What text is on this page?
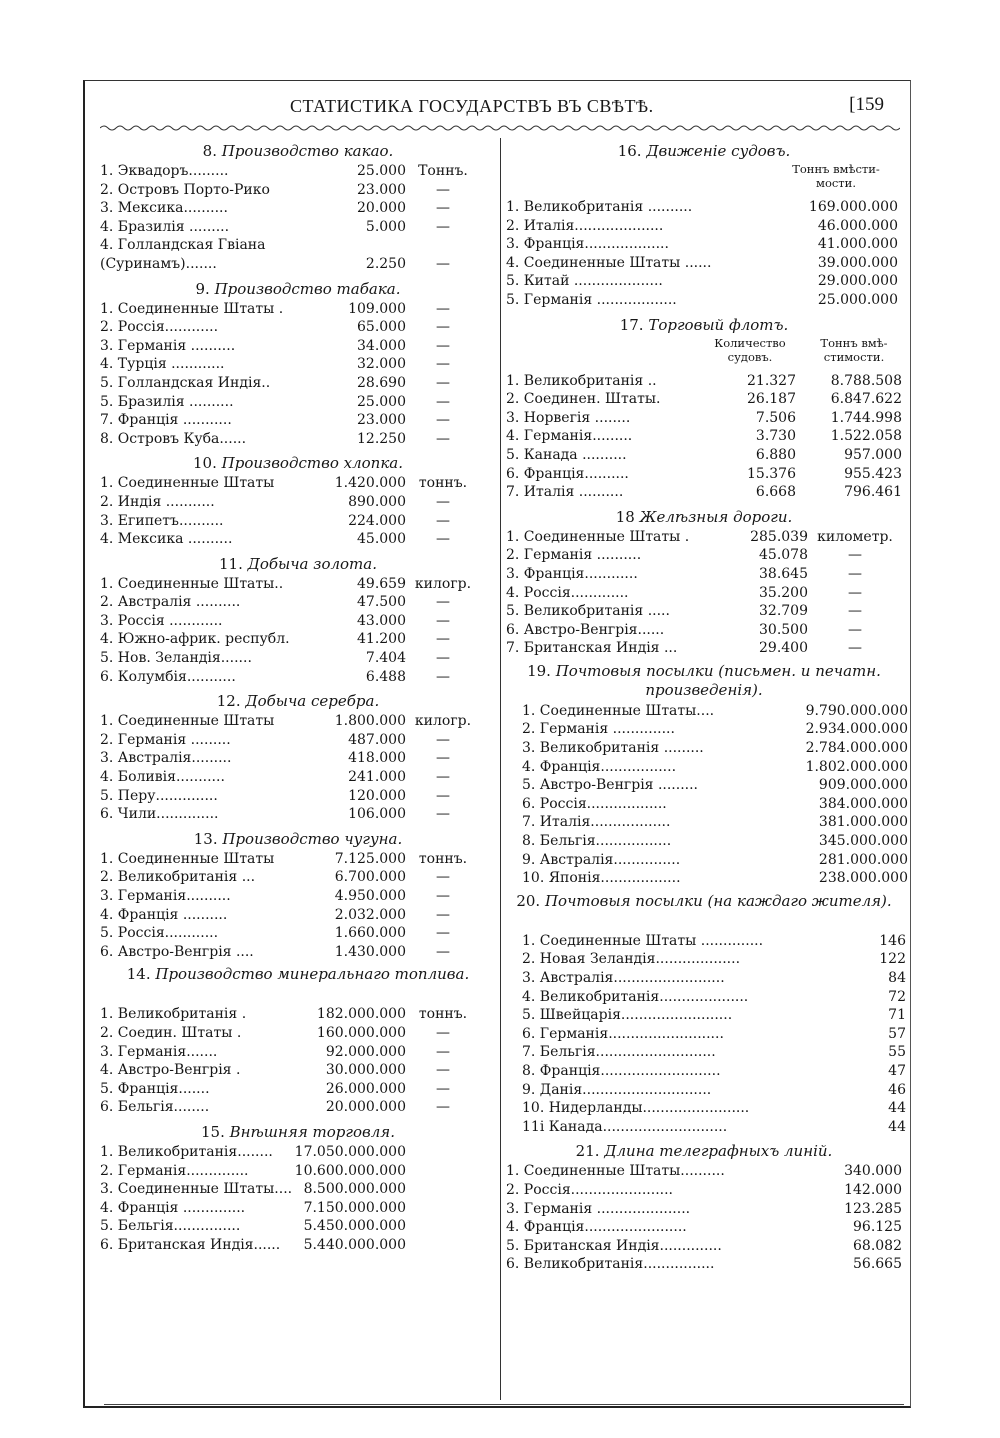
СТАТИСТИКА ГОСУДАРСТВЪ ВЪ СВѢТѢ.	[159
8. Производство какао.
1. Эквадоръ.........	25.000 Тоннъ.
2. Островъ Порто-Рико	23.000	—
3. Мексика..........	20.000	—
4. Бразилія .........	5.000	—
4. Голландская Гвіана
(Суринамъ).......	2.250	—
9. Производство табака.
1. Соединенные Штаты .	109.000	—
2. Россія............	65.000	—
3. Германія ..........	34.000	—
4. Турція ............	32.000	—
5. Голландская Индія..	28.690	—
5. Бразилія ..........	25.000	—
7. Франція ...........	23.000	—
8. Островъ Куба......	12.250	—
10. Производство хлопка.
1. Соединенные Штаты	1.420.000 тоннъ.
2. Индія ...........	890.000	—
3. Египетъ..........	224.000	—
4. Мексика ..........	45.000	—
11. Добыча золота.
1. Соединенные Штаты..	49.659 килогр.
2. Австралія ..........	47.500	—
3. Россія ............	43.000	—
4. Южно-африк. республ.	41.200	—
5. Нов. Зеландія.......	7.404	—
6. Колумбія...........	6.488	—
12. Добыча серебра.
1. Соединенные Штаты	1.800.000 килогр.
2. Германія .........	487.000	—
3. Австралія.........	418.000	—
4. Боливія...........	241.000	—
5. Перу..............	120.000	—
6. Чили..............	106.000	—
13. Производство чугуна.
1. Соединенные Штаты	7.125.000 тоннъ.
2. Великобританія ...	6.700.000	—
3. Германія..........	4.950.000	—
4. Франція ..........	2.032.000	—
5. Россія............	1.660.000	—
6. Австро-Венгрія ....	1.430.000	—
14. Производство минеральнаго топлива.
1. Великобританія .	182.000.000 тоннъ.
2. Соедин. Штаты .	160.000.000	—
3. Германія.......	92.000.000	—
4. Австро-Венгрія .	30.000.000	—
5. Франція.......	26.000.000	—
6. Бельгія........	20.000.000	—
15. Внѣшняя торговля.
1. Великобританія........	17.050.000.000
2. Германія..............	10.600.000.000
3. Соединенные Штаты.... 8.500.000.000
4. Франція ..............	7.150.000.000
5. Бельгія...............	5.450.000.000
6. Британская Индія......	5.440.000.000
16. Движеніе судовъ.
Тоннъ вмѣсти-мости.
1. Великобританія ..........	169.000.000
2. Италія....................	46.000.000
3. Франція...................	41.000.000
4. Соединенные Штаты ......	39.000.000
5. Китай ....................	29.000.000
5. Германія ..................	25.000.000
17. Торговый флотъ.
Количество судовъ.
Тоннъ вмѣ-стимости.
1. Великобританія ..	21.327 8.788.508
2. Соединен. Штаты.	26.187 6.847.622
3. Норвегія ........	7.506 1.744.998
4. Германія.........	3.730 1.522.058
5. Канада ..........	6.880	957.000
6. Франція..........	15.376	955.423
7. Италія ..........	6.668	796.461
18 Желѣзныя дороги.
1. Соединенные Штаты .	285.039 километр.
2. Германія ..........	45.078	—
3. Франція............	38.645	—
4. Россія.............	35.200	—
5. Великобританія .....	32.709	—
6. Австро-Венгрія......	30.500	—
7. Британская Индія ...	29.400	—
19. Почтовыя посылки (письмен. и печатн. произведенія).
1. Соединенные Штаты....	9.790.000.000
2. Германія ..............	2.934.000.000
3. Великобританія .........	2.784.000.000
4. Франція.................	1.802.000.000
5. Австро-Венгрія .........	909.000.000
6. Россія..................	384.000.000
7. Италія..................	381.000.000
8. Бельгія.................	345.000.000
9. Австралія...............	281.000.000
10. Японія..................	238.000.000
20. Почтовыя посылки (на каждаго жителя).
1. Соединенные Штаты ..............	146
2. Новая Зеландія...................	122
3. Австралія.........................	84
4. Великобританія....................	72
5. Швейцарія.........................	71
6. Германія..........................	57
7. Бельгія...........................	55
8. Франція...........................	47
9. Данія.............................	46
10. Нидерланды........................	44
11i Канада............................	44
21. Длина телеграфныхъ линій.
1. Соединенные Штаты..........	340.000
2. Россія.......................	142.000
3. Германія .....................	123.285
4. Франція.......................	96.125
5. Британская Индія..............	68.082
6. Великобританія................	56.665
